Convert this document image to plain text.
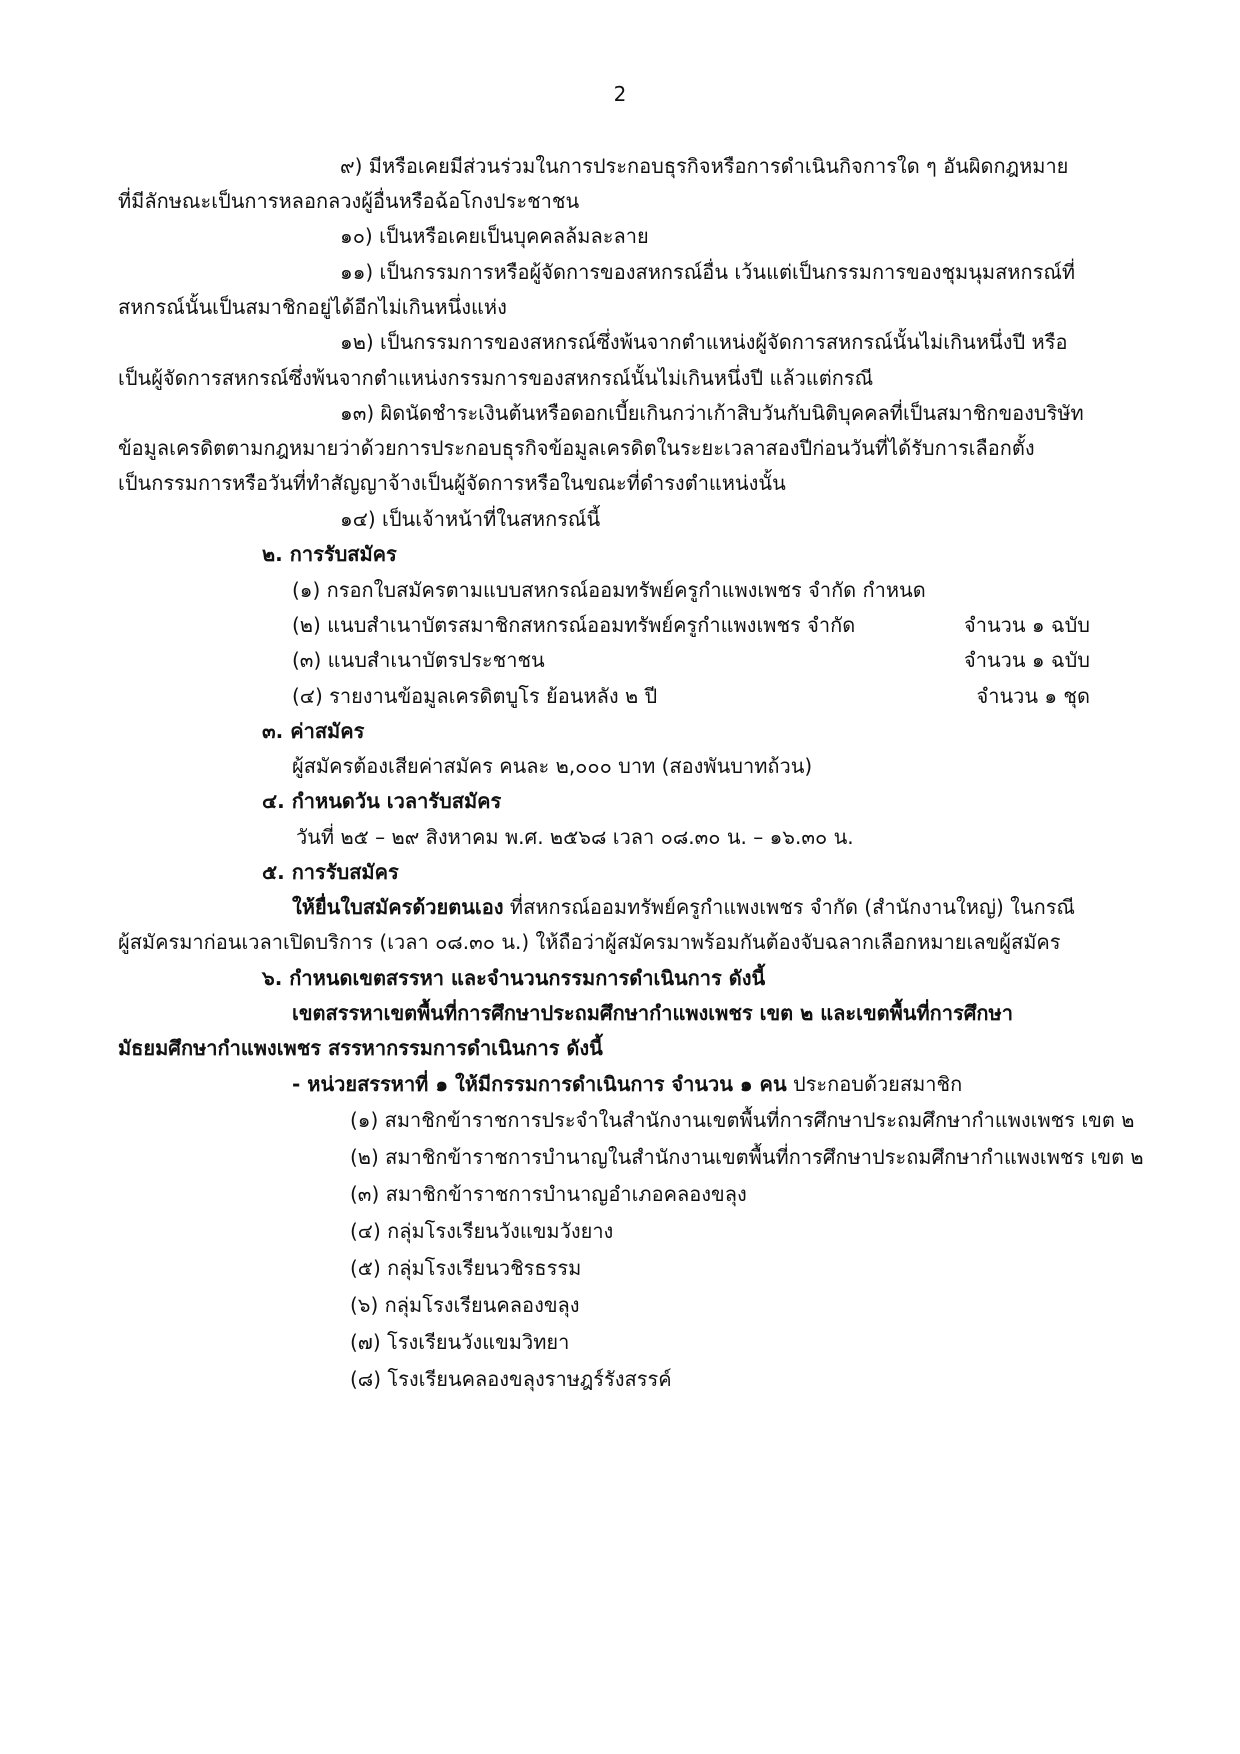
2
๙) มีหรือเคยมีส่วนร่วมในการประกอบธุรกิจหรือการดำเนินกิจการใด ๆ อันผิดกฎหมาย
ที่มีลักษณะเป็นการหลอกลวงผู้อื่นหรือฉ้อโกงประชาชน
๑๐) เป็นหรือเคยเป็นบุคคลล้มละลาย
๑๑) เป็นกรรมการหรือผู้จัดการของสหกรณ์อื่น เว้นแต่เป็นกรรมการของชุมนุมสหกรณ์ที่
สหกรณ์นั้นเป็นสมาชิกอยู่ได้อีกไม่เกินหนึ่งแห่ง
๑๒) เป็นกรรมการของสหกรณ์ซึ่งพ้นจากตำแหน่งผู้จัดการสหกรณ์นั้นไม่เกินหนึ่งปี หรือ
เป็นผู้จัดการสหกรณ์ซึ่งพ้นจากตำแหน่งกรรมการของสหกรณ์นั้นไม่เกินหนึ่งปี แล้วแต่กรณี
๑๓) ผิดนัดชำระเงินต้นหรือดอกเบี้ยเกินกว่าเก้าสิบวันกับนิติบุคคลที่เป็นสมาชิกของบริษัท
ข้อมูลเครดิตตามกฎหมายว่าด้วยการประกอบธุรกิจข้อมูลเครดิตในระยะเวลาสองปีก่อนวันที่ได้รับการเลือกตั้ง
เป็นกรรมการหรือวันที่ทำสัญญาจ้างเป็นผู้จัดการหรือในขณะที่ดำรงตำแหน่งนั้น
๑๔) เป็นเจ้าหน้าที่ในสหกรณ์นี้
๒. การรับสมัคร
(๑) กรอกใบสมัครตามแบบสหกรณ์ออมทรัพย์ครูกำแพงเพชร จำกัด กำหนด
(๒) แนบสำเนาบัตรสมาชิกสหกรณ์ออมทรัพย์ครูกำแพงเพชร จำกัด	จำนวน ๑ ฉบับ
(๓) แนบสำเนาบัตรประชาชน	จำนวน ๑ ฉบับ
(๔) รายงานข้อมูลเครดิตบูโร ย้อนหลัง ๒ ปี	จำนวน ๑ ชุด
๓. ค่าสมัคร
ผู้สมัครต้องเสียค่าสมัคร คนละ ๒,๐๐๐ บาท (สองพันบาทถ้วน)
๔. กำหนดวัน เวลารับสมัคร
วันที่ ๒๕ – ๒๙ สิงหาคม พ.ศ. ๒๕๖๘ เวลา ๐๘.๓๐ น. – ๑๖.๓๐ น.
๕. การรับสมัคร
ให้ยื่นใบสมัครด้วยตนเอง ที่สหกรณ์ออมทรัพย์ครูกำแพงเพชร จำกัด (สำนักงานใหญ่) ในกรณี
ผู้สมัครมาก่อนเวลาเปิดบริการ (เวลา ๐๘.๓๐ น.) ให้ถือว่าผู้สมัครมาพร้อมกันต้องจับฉลากเลือกหมายเลขผู้สมัคร
๖. กำหนดเขตสรรหา และจำนวนกรรมการดำเนินการ ดังนี้
เขตสรรหาเขตพื้นที่การศึกษาประถมศึกษากำแพงเพชร เขต ๒ และเขตพื้นที่การศึกษา
มัธยมศึกษากำแพงเพชร สรรหากรรมการดำเนินการ ดังนี้
- หน่วยสรรหาที่ ๑ ให้มีกรรมการดำเนินการ จำนวน ๑ คน ประกอบด้วยสมาชิก
(๑) สมาชิกข้าราชการประจำในสำนักงานเขตพื้นที่การศึกษาประถมศึกษากำแพงเพชร เขต ๒
(๒) สมาชิกข้าราชการบำนาญในสำนักงานเขตพื้นที่การศึกษาประถมศึกษากำแพงเพชร เขต ๒
(๓) สมาชิกข้าราชการบำนาญอำเภอคลองขลุง
(๔) กลุ่มโรงเรียนวังแขมวังยาง
(๕) กลุ่มโรงเรียนวชิรธรรม
(๖) กลุ่มโรงเรียนคลองขลุง
(๗) โรงเรียนวังแขมวิทยา
(๘) โรงเรียนคลองขลุงราษฎร์รังสรรค์
